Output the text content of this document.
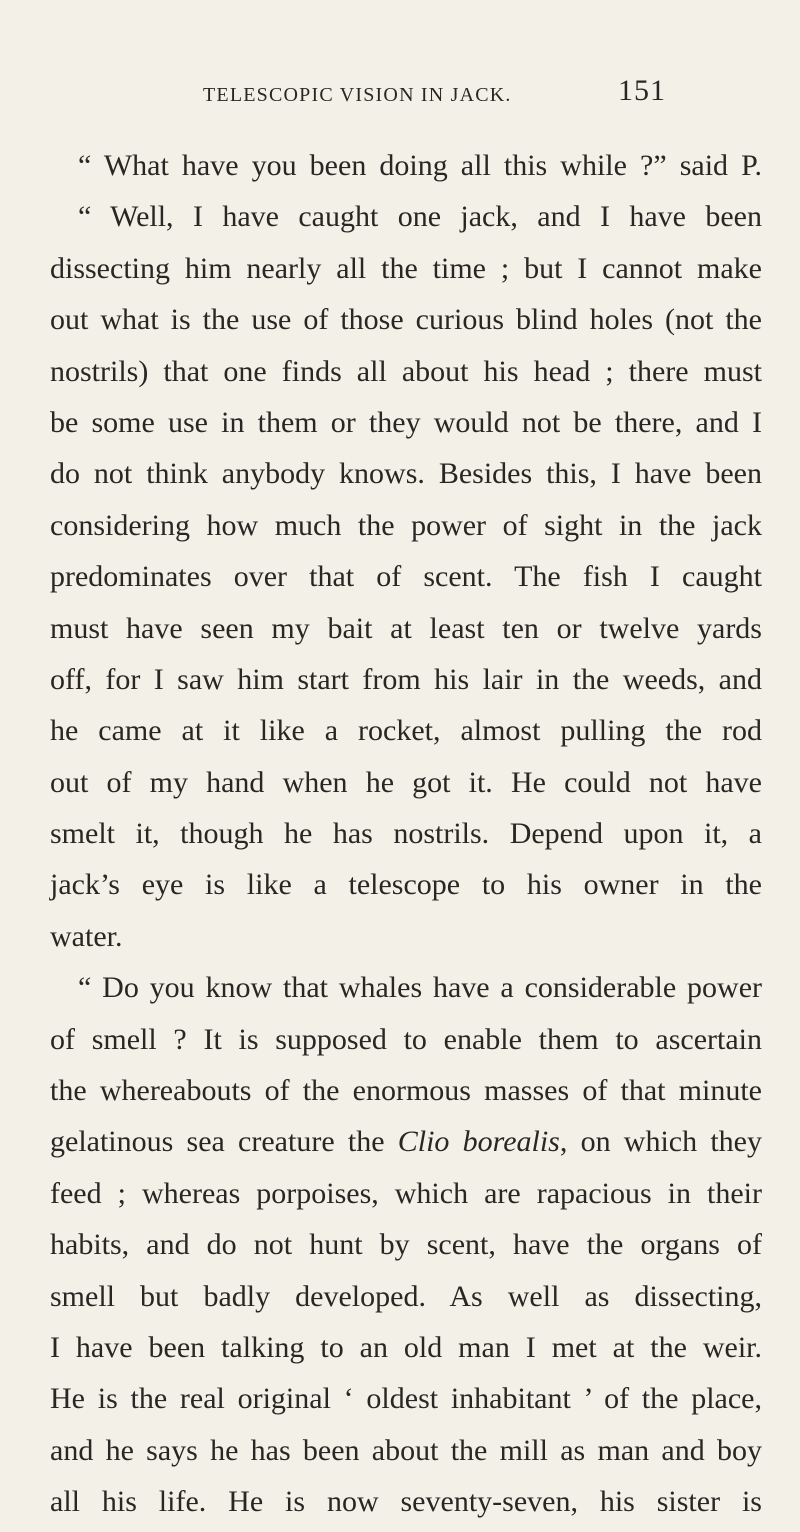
TELESCOPIC VISION IN JACK.	151
“ What have you been doing all this while ?” said P.
“ Well, I have caught one jack, and I have been
dissecting him nearly all the time ; but I cannot make
out what is the use of those curious blind holes (not the
nostrils) that one finds all about his head ; there must
be some use in them or they would not be there, and I
do not think anybody knows. Besides this, I have been
considering how much the power of sight in the jack
predominates over that of scent. The fish I caught
must have seen my bait at least ten or twelve yards
off, for I saw him start from his lair in the weeds, and
he came at it like a rocket, almost pulling the rod
out of my hand when he got it. He could not have
smelt it, though he has nostrils. Depend upon it, a
jack’s eye is like a telescope to his owner in the
water.
“ Do you know that whales have a considerable power
of smell ? It is supposed to enable them to ascertain
the whereabouts of the enormous masses of that minute
gelatinous sea creature the Clio borealis, on which they
feed ; whereas porpoises, which are rapacious in their
habits, and do not hunt by scent, have the organs of
smell but badly developed. As well as dissecting,
I have been talking to an old man I met at the weir.
He is the real original ‘ oldest inhabitant ’ of the place,
and he says he has been about the mill as man and boy
all his life. He is now seventy-seven, his sister is
